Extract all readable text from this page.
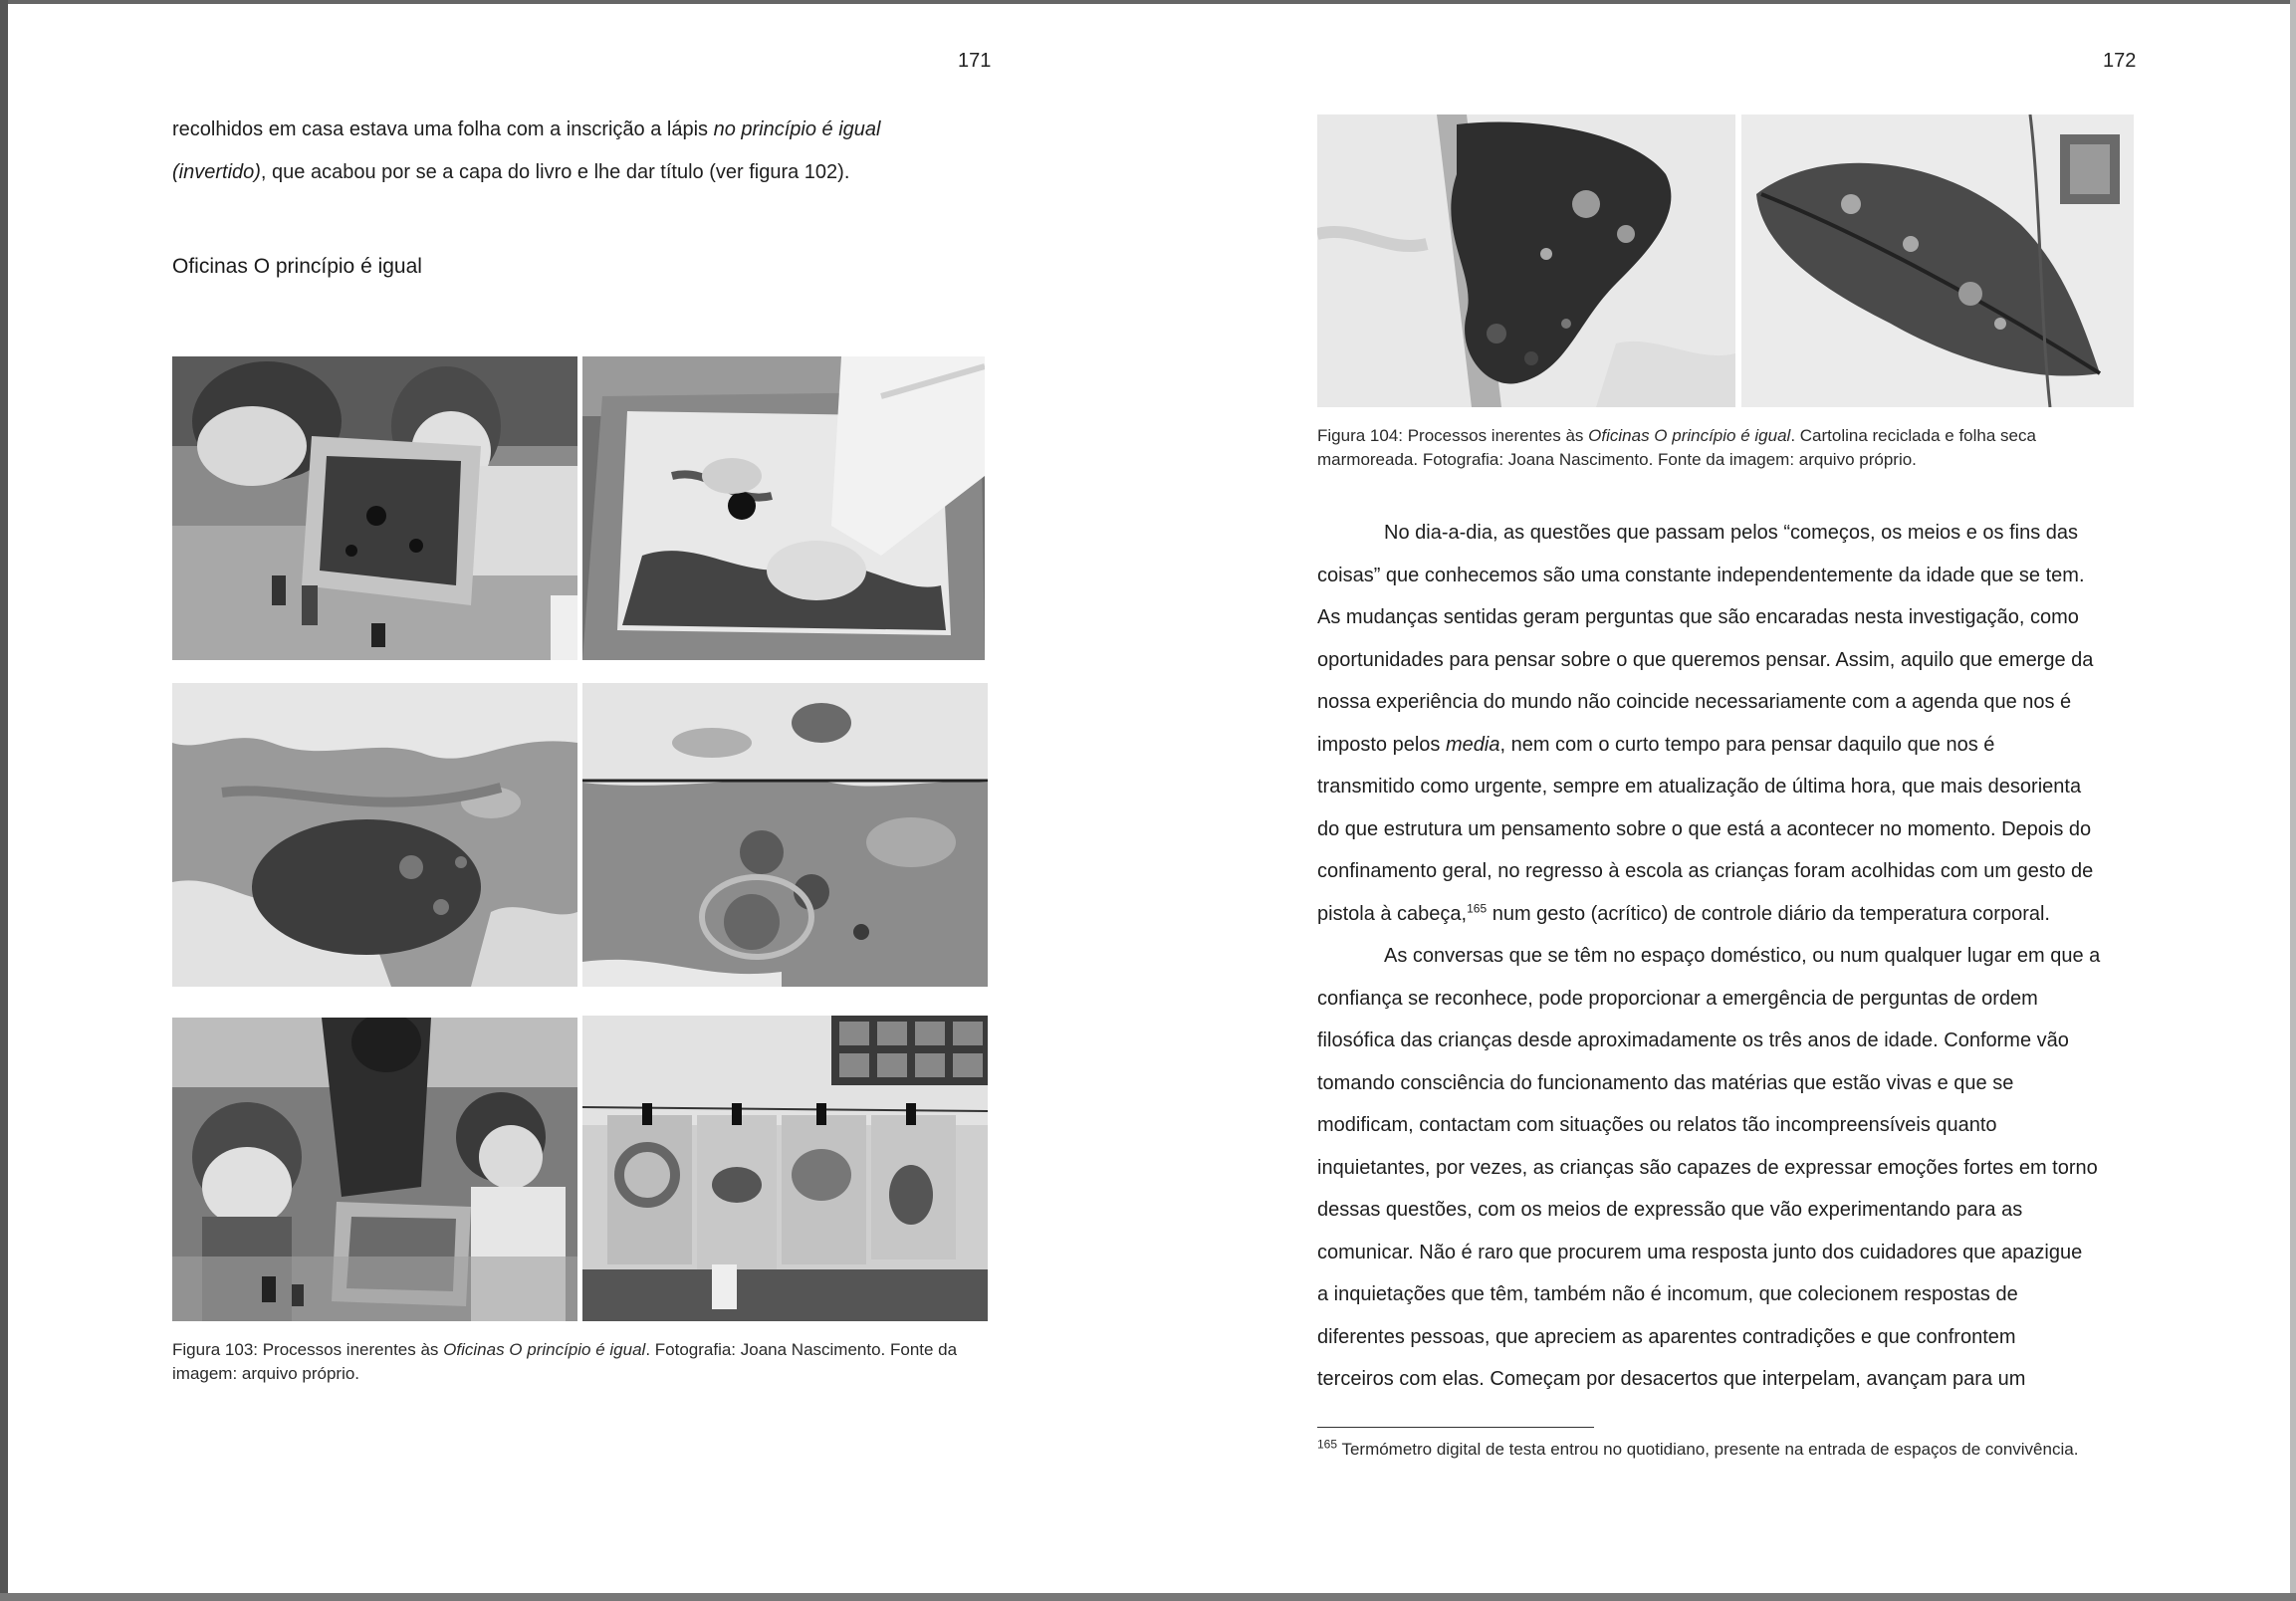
171

recolhidos em casa estava uma folha com a inscrição a lápis no princípio é igual

(invertido), que acabou por se a capa do livro e lhe dar título (ver figura 102).

Oficinas O princípio é igual
Figura 103: Processos inerentes às Oficinas O princípio é igual. Fotografia: Joana Nascimento. Fonte da
imagem: arquivo próprio.
172
Figura 104: Processos inerentes às Oficinas O princípio é igual. Cartolina reciclada e folha seca
marmoreada. Fotografia: Joana Nascimento. Fonte da imagem: arquivo próprio.

No dia-a-dia, as questões que passam pelos “começos, os meios e os fins das

coisas” que conhecemos são uma constante independentemente da idade que se tem.

As mudanças sentidas geram perguntas que são encaradas nesta investigação, como

oportunidades para pensar sobre o que queremos pensar. Assim, aquilo que emerge da

nossa experiência do mundo não coincide necessariamente com a agenda que nos é

imposto pelos media, nem com o curto tempo para pensar daquilo que nos é

transmitido como urgente, sempre em atualização de última hora, que mais desorienta

do que estrutura um pensamento sobre o que está a acontecer no momento. Depois do

confinamento geral, no regresso à escola as crianças foram acolhidas com um gesto de

pistola à cabeça,$^{165}$ num gesto (acrítico) de controle diário da temperatura corporal.

As conversas que se têm no espaço doméstico, ou num qualquer lugar em que a

confiança se reconhece, pode proporcionar a emergência de perguntas de ordem

filosófica das crianças desde aproximadamente os três anos de idade. Conforme vão

tomando consciência do funcionamento das matérias que estão vivas e que se

modificam, contactam com situações ou relatos tão incompreensíveis quanto

inquietantes, por vezes, as crianças são capazes de expressar emoções fortes em torno

dessas questões, com os meios de expressão que vão experimentando para as

comunicar. Não é raro que procurem uma resposta junto dos cuidadores que apazigue

a inquietações que têm, também não é incomum, que colecionem respostas de

diferentes pessoas, que apreciem as aparentes contradições e que confrontem

terceiros com elas. Começam por desacertos que interpelam, avançam para um

$^{165}$ Termómetro digital de testa entrou no quotidiano, presente na entrada de espaços de convivência.
